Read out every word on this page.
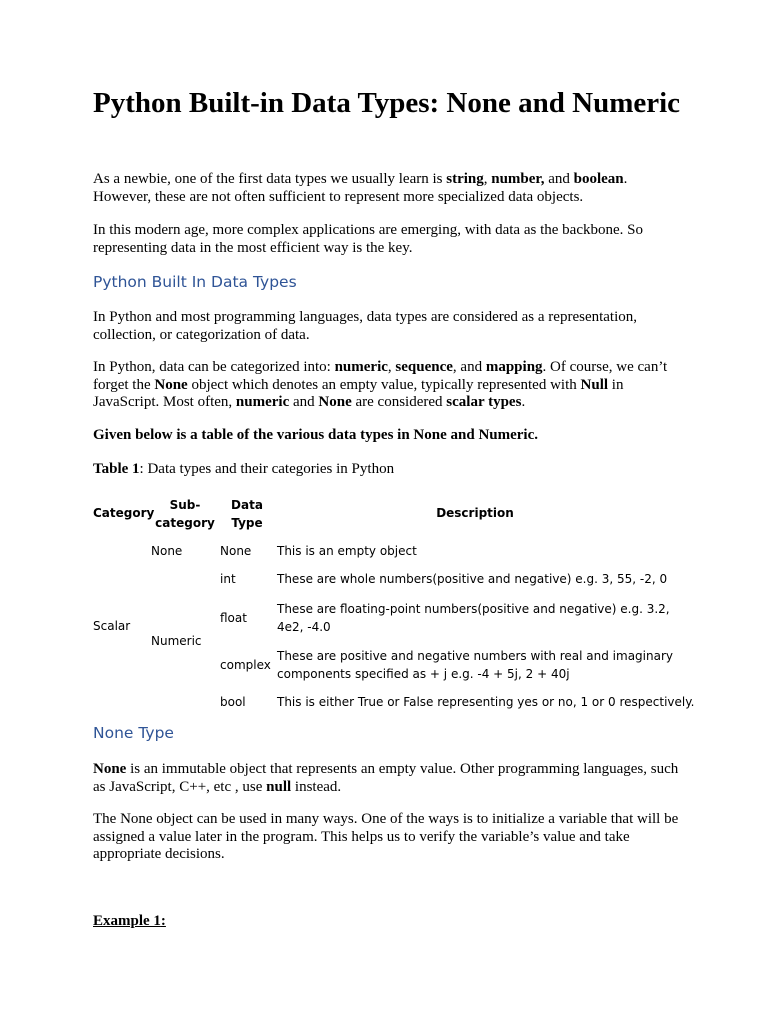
Python Built-in Data Types: None and Numeric

As a newbie, one of the first data types we usually learn is string, number, and boolean. However, these are not often sufficient to represent more specialized data objects.

In this modern age, more complex applications are emerging, with data as the backbone. So representing data in the most efficient way is the key.

Python Built In Data Types

In Python and most programming languages, data types are considered as a representation, collection, or categorization of data.

In Python, data can be categorized into: numeric, sequence, and mapping. Of course, we can’t forget the None object which denotes an empty value, typically represented with Null in JavaScript. Most often, numeric and None are considered scalar types.

Given below is a table of the various data types in None and Numeric.

Table 1: Data types and their categories in Python

Category
Sub-category
Data Type
Description
Scalar
None
Numeric
None This is an empty object
int	These are whole numbers(positive and negative) e.g. 3, 55, -2, 0
float
These are floating-point numbers(positive and negative) e.g. 3.2, 4e2, -4.0
complex
These are positive and negative numbers with real and imaginary components specified as + j e.g. -4 + 5j, 2 + 40j
bool	This is either True or False representing yes or no, 1 or 0 respectively.
None Type

None is an immutable object that represents an empty value. Other programming languages, such as JavaScript, C++, etc , use null instead.

The None object can be used in many ways. One of the ways is to initialize a variable that will be assigned a value later in the program. This helps us to verify the variable’s value and take appropriate decisions.

Example 1:
